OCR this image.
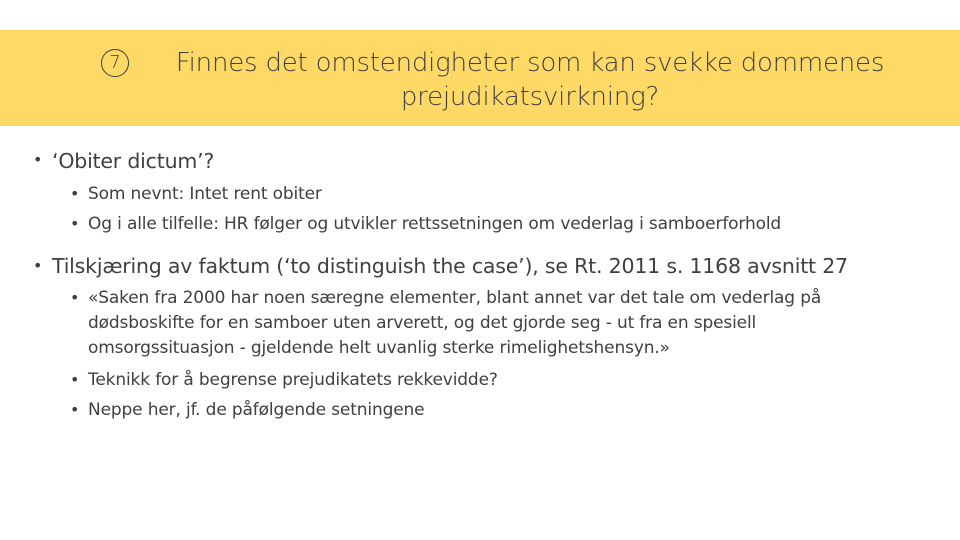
7	Finnes det omstendigheter som kan svekke dommenes
prejudikatsvirkning?
• ‘Obiter dictum’?
• Som nevnt: Intet rent obiter
• Og i alle tilfelle: HR følger og utvikler rettssetningen om vederlag i samboerforhold
• Tilskjæring av faktum (‘to distinguish the case’), se Rt. 2011 s. 1168 avsnitt 27
• «Saken fra 2000 har noen særegne elementer, blant annet var det tale om vederlag på
dødsboskifte for en samboer uten arverett, og det gjorde seg - ut fra en spesiell
omsorgssituasjon - gjeldende helt uvanlig sterke rimelighetshensyn.»
• Teknikk for å begrense prejudikatets rekkevidde?
• Neppe her, jf. de påfølgende setningene
